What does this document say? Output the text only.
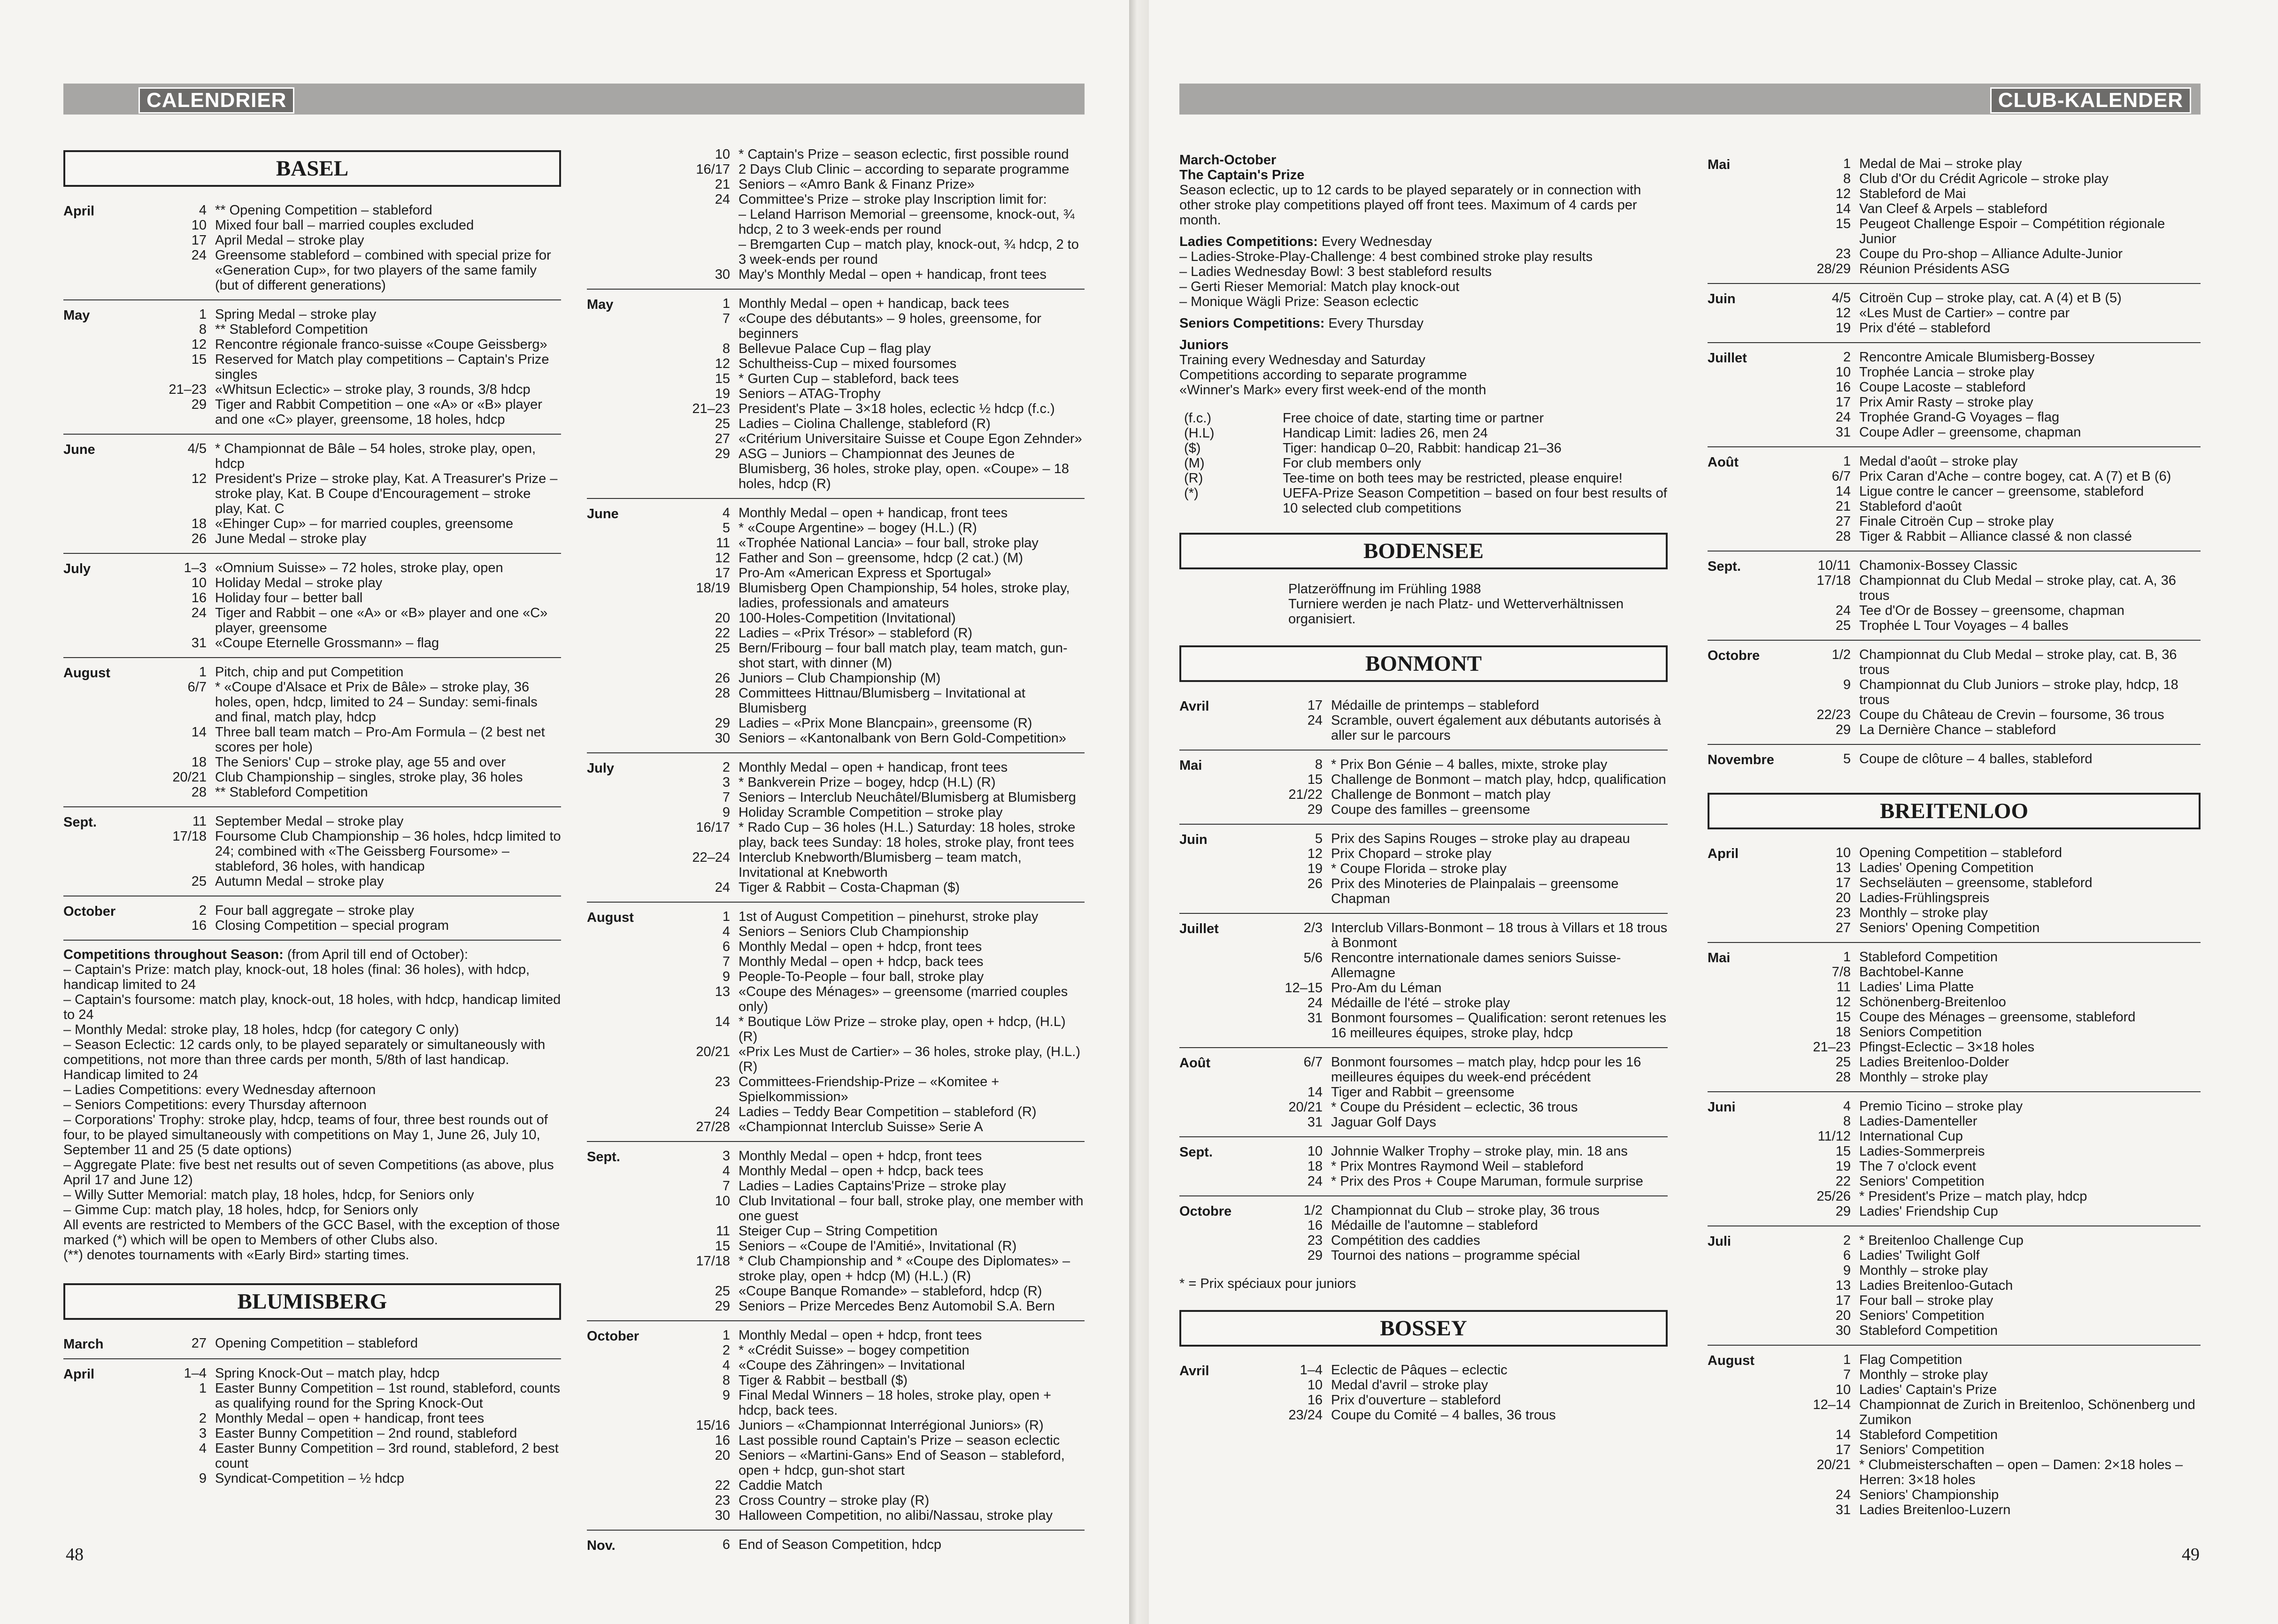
CALENDRIER
BASEL
April	4 ** Opening Competition – stableford
10 Mixed four ball – married couples excluded
17 April Medal – stroke play
24 Greensome stableford – combined with special prize for «Generation Cup», for two players of the same family (but of different generations)
May	1 Spring Medal – stroke play
8 ** Stableford Competition
12 Rencontre régionale franco-suisse «Coupe Geissberg»
15 Reserved for Match play competitions – Captain's Prize singles
21–23 «Whitsun Eclectic» – stroke play, 3 rounds, 3/8 hdcp
29 Tiger and Rabbit Competition – one «A» or «B» player and one «C» player, greensome, 18 holes, hdcp
June	4/5 * Championnat de Bâle – 54 holes, stroke play, open, hdcp
12 President's Prize – stroke play, Kat. A Treasurer's Prize – stroke play, Kat. B Coupe d'Encouragement – stroke play, Kat. C
18 «Ehinger Cup» – for married couples, greensome
26 June Medal – stroke play
July	1–3 «Omnium Suisse» – 72 holes, stroke play, open
10 Holiday Medal – stroke play
16 Holiday four – better ball
24 Tiger and Rabbit – one «A» or «B» player and one «C» player, greensome
31 «Coupe Eternelle Grossmann» – flag
August	1 Pitch, chip and put Competition
6/7 * «Coupe d'Alsace et Prix de Bâle» – stroke play, 36 holes, open, hdcp, limited to 24 – Sunday: semi-finals and final, match play, hdcp
14 Three ball team match – Pro-Am Formula – (2 best net scores per hole)
18 The Seniors' Cup – stroke play, age 55 and over
20/21 Club Championship – singles, stroke play, 36 holes
28 ** Stableford Competition
Sept.	11 September Medal – stroke play
17/18 Foursome Club Championship – 36 holes, hdcp limited to 24; combined with «The Geissberg Foursome» – stableford, 36 holes, with handicap
25 Autumn Medal – stroke play
October	2 Four ball aggregate – stroke play
16 Closing Competition – special program
Competitions throughout Season: (from April till end of October):
– Captain's Prize: match play, knock-out, 18 holes (final: 36 holes), with hdcp, handicap limited to 24
– Captain's foursome: match play, knock-out, 18 holes, with hdcp, handicap limited to 24
– Monthly Medal: stroke play, 18 holes, hdcp (for category C only)
– Season Eclectic: 12 cards only, to be played separately or simultaneously with competitions, not more than three cards per month, 5/8th of last handicap. Handicap limited to 24
– Ladies Competitions: every Wednesday afternoon
– Seniors Competitions: every Thursday afternoon
– Corporations' Trophy: stroke play, hdcp, teams of four, three best rounds out of four, to be played simultaneously with competitions on May 1, June 26, July 10, September 11 and 25 (5 date options)
– Aggregate Plate: five best net results out of seven Competitions (as above, plus April 17 and June 12)
– Willy Sutter Memorial: match play, 18 holes, hdcp, for Seniors only
– Gimme Cup: match play, 18 holes, hdcp, for Seniors only
All events are restricted to Members of the GCC Basel, with the exception of those marked (*) which will be open to Members of other Clubs also.
(**) denotes tournaments with «Early Bird» starting times.
BLUMISBERG
March	27 Opening Competition – stableford
April	1–4 Spring Knock-Out – match play, hdcp
1 Easter Bunny Competition – 1st round, stableford, counts as qualifying round for the Spring Knock-Out
2 Monthly Medal – open + handicap, front tees
3 Easter Bunny Competition – 2nd round, stableford
4 Easter Bunny Competition – 3rd round, stableford, 2 best count
9 Syndicat-Competition – ½ hdcp
10 * Captain's Prize – season eclectic, first possible round
16/17 2 Days Club Clinic – according to separate programme
21 Seniors – «Amro Bank & Finanz Prize»
24 Committee's Prize – stroke play Inscription limit for:
– Leland Harrison Memorial – greensome, knock-out, ¾ hdcp, 2 to 3 week-ends per round
– Bremgarten Cup – match play, knock-out, ¾ hdcp, 2 to 3 week-ends per round
30 May's Monthly Medal – open + handicap, front tees
May	1 Monthly Medal – open + handicap, back tees
7 «Coupe des débutants» – 9 holes, greensome, for beginners
8 Bellevue Palace Cup – flag play
12 Schultheiss-Cup – mixed foursomes
15 * Gurten Cup – stableford, back tees
19 Seniors – ATAG-Trophy
21–23 President's Plate – 3×18 holes, eclectic ½ hdcp (f.c.)
25 Ladies – Ciolina Challenge, stableford (R)
27 «Critérium Universitaire Suisse et Coupe Egon Zehnder»
29 ASG – Juniors – Championnat des Jeunes de Blumisberg, 36 holes, stroke play, open. «Coupe» – 18 holes, hdcp (R)
June	4 Monthly Medal – open + handicap, front tees
5 * «Coupe Argentine» – bogey (H.L.) (R)
11 «Trophée National Lancia» – four ball, stroke play
12 Father and Son – greensome, hdcp (2 cat.) (M)
17 Pro-Am «American Express et Sportugal»
18/19 Blumisberg Open Championship, 54 holes, stroke play, ladies, professionals and amateurs
20 100-Holes-Competition (Invitational)
22 Ladies – «Prix Trésor» – stableford (R)
25 Bern/Fribourg – four ball match play, team match, gun-shot start, with dinner (M)
26 Juniors – Club Championship (M)
28 Committees Hittnau/Blumisberg – Invitational at Blumisberg
29 Ladies – «Prix Mone Blancpain», greensome (R)
30 Seniors – «Kantonalbank von Bern Gold-Competition»
July	2 Monthly Medal – open + handicap, front tees
3 * Bankverein Prize – bogey, hdcp (H.L) (R)
7 Seniors – Interclub Neuchâtel/Blumisberg at Blumisberg
9 Holiday Scramble Competition – stroke play
16/17 * Rado Cup – 36 holes (H.L.) Saturday: 18 holes, stroke play, back tees Sunday: 18 holes, stroke play, front tees
22–24 Interclub Knebworth/Blumisberg – team match, Invitational at Knebworth
24 Tiger & Rabbit – Costa-Chapman ($)
August	1 1st of August Competition – pinehurst, stroke play
4 Seniors – Seniors Club Championship
6 Monthly Medal – open + hdcp, front tees
7 Monthly Medal – open + hdcp, back tees
9 People-To-People – four ball, stroke play
13 «Coupe des Ménages» – greensome (married couples only)
14 * Boutique Löw Prize – stroke play, open + hdcp, (H.L) (R)
20/21 «Prix Les Must de Cartier» – 36 holes, stroke play, (H.L.) (R)
23 Committees-Friendship-Prize – «Komitee + Spielkommission»
24 Ladies – Teddy Bear Competition – stableford (R)
27/28 «Championnat Interclub Suisse» Serie A
Sept.	3 Monthly Medal – open + hdcp, front tees
4 Monthly Medal – open + hdcp, back tees
7 Ladies – Ladies Captains'Prize – stroke play
10 Club Invitational – four ball, stroke play, one member with one guest
11 Steiger Cup – String Competition
15 Seniors – «Coupe de l'Amitié», Invitational (R)
17/18 * Club Championship and * «Coupe des Diplomates» – stroke play, open + hdcp (M) (H.L.) (R)
25 «Coupe Banque Romande» – stableford, hdcp (R)
29 Seniors – Prize Mercedes Benz Automobil S.A. Bern
October	1 Monthly Medal – open + hdcp, front tees
2 * «Crédit Suisse» – bogey competition
4 «Coupe des Zähringen» – Invitational
8 Tiger & Rabbit – bestball ($)
9 Final Medal Winners – 18 holes, stroke play, open + hdcp, back tees.
15/16 Juniors – «Championnat Interrégional Juniors» (R)
16 Last possible round Captain's Prize – season eclectic
20 Seniors – «Martini-Gans» End of Season – stableford, open + hdcp, gun-shot start
22 Caddie Match
23 Cross Country – stroke play (R)
30 Halloween Competition, no alibi/Nassau, stroke play
Nov.	6 End of Season Competition, hdcp
48
CLUB-KALENDER
March-October
The Captain's Prize
Season eclectic, up to 12 cards to be played separately or in connection with other stroke play competitions played off front tees. Maximum of 4 cards per month.
Ladies Competitions: Every Wednesday
– Ladies-Stroke-Play-Challenge: 4 best combined stroke play results
– Ladies Wednesday Bowl: 3 best stableford results
– Gerti Rieser Memorial: Match play knock-out
– Monique Wägli Prize: Season eclectic
Seniors Competitions: Every Thursday
Juniors
Training every Wednesday and Saturday
Competitions according to separate programme
«Winner's Mark» every first week-end of the month
(f.c.)	Free choice of date, starting time or partner
(H.L)	Handicap Limit: ladies 26, men 24
($)	Tiger: handicap 0–20, Rabbit: handicap 21–36
(M)	For club members only
(R)	Tee-time on both tees may be restricted, please enquire!
(*)	UEFA-Prize Season Competition – based on four best results of 10 selected club competitions
BODENSEE
Platzeröffnung im Frühling 1988
Turniere werden je nach Platz- und Wetterverhältnissen organisiert.
BONMONT
Avril	17 Médaille de printemps – stableford
24 Scramble, ouvert également aux débutants autorisés à aller sur le parcours
Mai	8 * Prix Bon Génie – 4 balles, mixte, stroke play
15 Challenge de Bonmont – match play, hdcp, qualification
21/22 Challenge de Bonmont – match play
29 Coupe des familles – greensome
Juin	5 Prix des Sapins Rouges – stroke play au drapeau
12 Prix Chopard – stroke play
19 * Coupe Florida – stroke play
26 Prix des Minoteries de Plainpalais – greensome Chapman
Juillet	2/3 Interclub Villars-Bonmont – 18 trous à Villars et 18 trous à Bonmont
5/6 Rencontre internationale dames seniors Suisse-Allemagne
12–15 Pro-Am du Léman
24 Médaille de l'été – stroke play
31 Bonmont foursomes – Qualification: seront retenues les 16 meilleures équipes, stroke play, hdcp
Août	6/7 Bonmont foursomes – match play, hdcp pour les 16 meilleures équipes du week-end précédent
14 Tiger and Rabbit – greensome
20/21 * Coupe du Président – eclectic, 36 trous
31 Jaguar Golf Days
Sept.	10 Johnnie Walker Trophy – stroke play, min. 18 ans
18 * Prix Montres Raymond Weil – stableford
24 * Prix des Pros + Coupe Maruman, formule surprise
Octobre	1/2 Championnat du Club – stroke play, 36 trous
16 Médaille de l'automne – stableford
23 Compétition des caddies
29 Tournoi des nations – programme spécial
* = Prix spéciaux pour juniors
BOSSEY
Avril	1–4 Eclectic de Pâques – eclectic
10 Medal d'avril – stroke play
16 Prix d'ouverture – stableford
23/24 Coupe du Comité – 4 balles, 36 trous
Mai	1 Medal de Mai – stroke play
8 Club d'Or du Crédit Agricole – stroke play
12 Stableford de Mai
14 Van Cleef & Arpels – stableford
15 Peugeot Challenge Espoir – Compétition régionale Junior
23 Coupe du Pro-shop – Alliance Adulte-Junior
28/29 Réunion Présidents ASG
Juin	4/5 Citroën Cup – stroke play, cat. A (4) et B (5)
12 «Les Must de Cartier» – contre par
19 Prix d'été – stableford
Juillet	2 Rencontre Amicale Blumisberg-Bossey
10 Trophée Lancia – stroke play
16 Coupe Lacoste – stableford
17 Prix Amir Rasty – stroke play
24 Trophée Grand-G Voyages – flag
31 Coupe Adler – greensome, chapman
Août	1 Medal d'août – stroke play
6/7 Prix Caran d'Ache – contre bogey, cat. A (7) et B (6)
14 Ligue contre le cancer – greensome, stableford
21 Stableford d'août
27 Finale Citroën Cup – stroke play
28 Tiger & Rabbit – Alliance classé & non classé
Sept.	10/11 Chamonix-Bossey Classic
17/18 Championnat du Club Medal – stroke play, cat. A, 36 trous
24 Tee d'Or de Bossey – greensome, chapman
25 Trophée L Tour Voyages – 4 balles
Octobre	1/2 Championnat du Club Medal – stroke play, cat. B, 36 trous
9 Championnat du Club Juniors – stroke play, hdcp, 18 trous
22/23 Coupe du Château de Crevin – foursome, 36 trous
29 La Dernière Chance – stableford
Novembre	5 Coupe de clôture – 4 balles, stableford
BREITENLOO
April	10 Opening Competition – stableford
13 Ladies' Opening Competition
17 Sechseläuten – greensome, stableford
20 Ladies-Frühlingspreis
23 Monthly – stroke play
27 Seniors' Opening Competition
Mai	1 Stableford Competition
7/8 Bachtobel-Kanne
11 Ladies' Lima Platte
12 Schönenberg-Breitenloo
15 Coupe des Ménages – greensome, stableford
18 Seniors Competition
21–23 Pfingst-Eclectic – 3×18 holes
25 Ladies Breitenloo-Dolder
28 Monthly – stroke play
Juni	4 Premio Ticino – stroke play
8 Ladies-Damenteller
11/12 International Cup
15 Ladies-Sommerpreis
19 The 7 o'clock event
22 Seniors' Competition
25/26 * President's Prize – match play, hdcp
29 Ladies' Friendship Cup
Juli	2 * Breitenloo Challenge Cup
6 Ladies' Twilight Golf
9 Monthly – stroke play
13 Ladies Breitenloo-Gutach
17 Four ball – stroke play
20 Seniors' Competition
30 Stableford Competition
August	1 Flag Competition
7 Monthly – stroke play
10 Ladies' Captain's Prize
12–14 Championnat de Zurich in Breitenloo, Schönenberg und Zumikon
14 Stableford Competition
17 Seniors' Competition
20/21 * Clubmeisterschaften – open – Damen: 2×18 holes – Herren: 3×18 holes
24 Seniors' Championship
31 Ladies Breitenloo-Luzern
49
